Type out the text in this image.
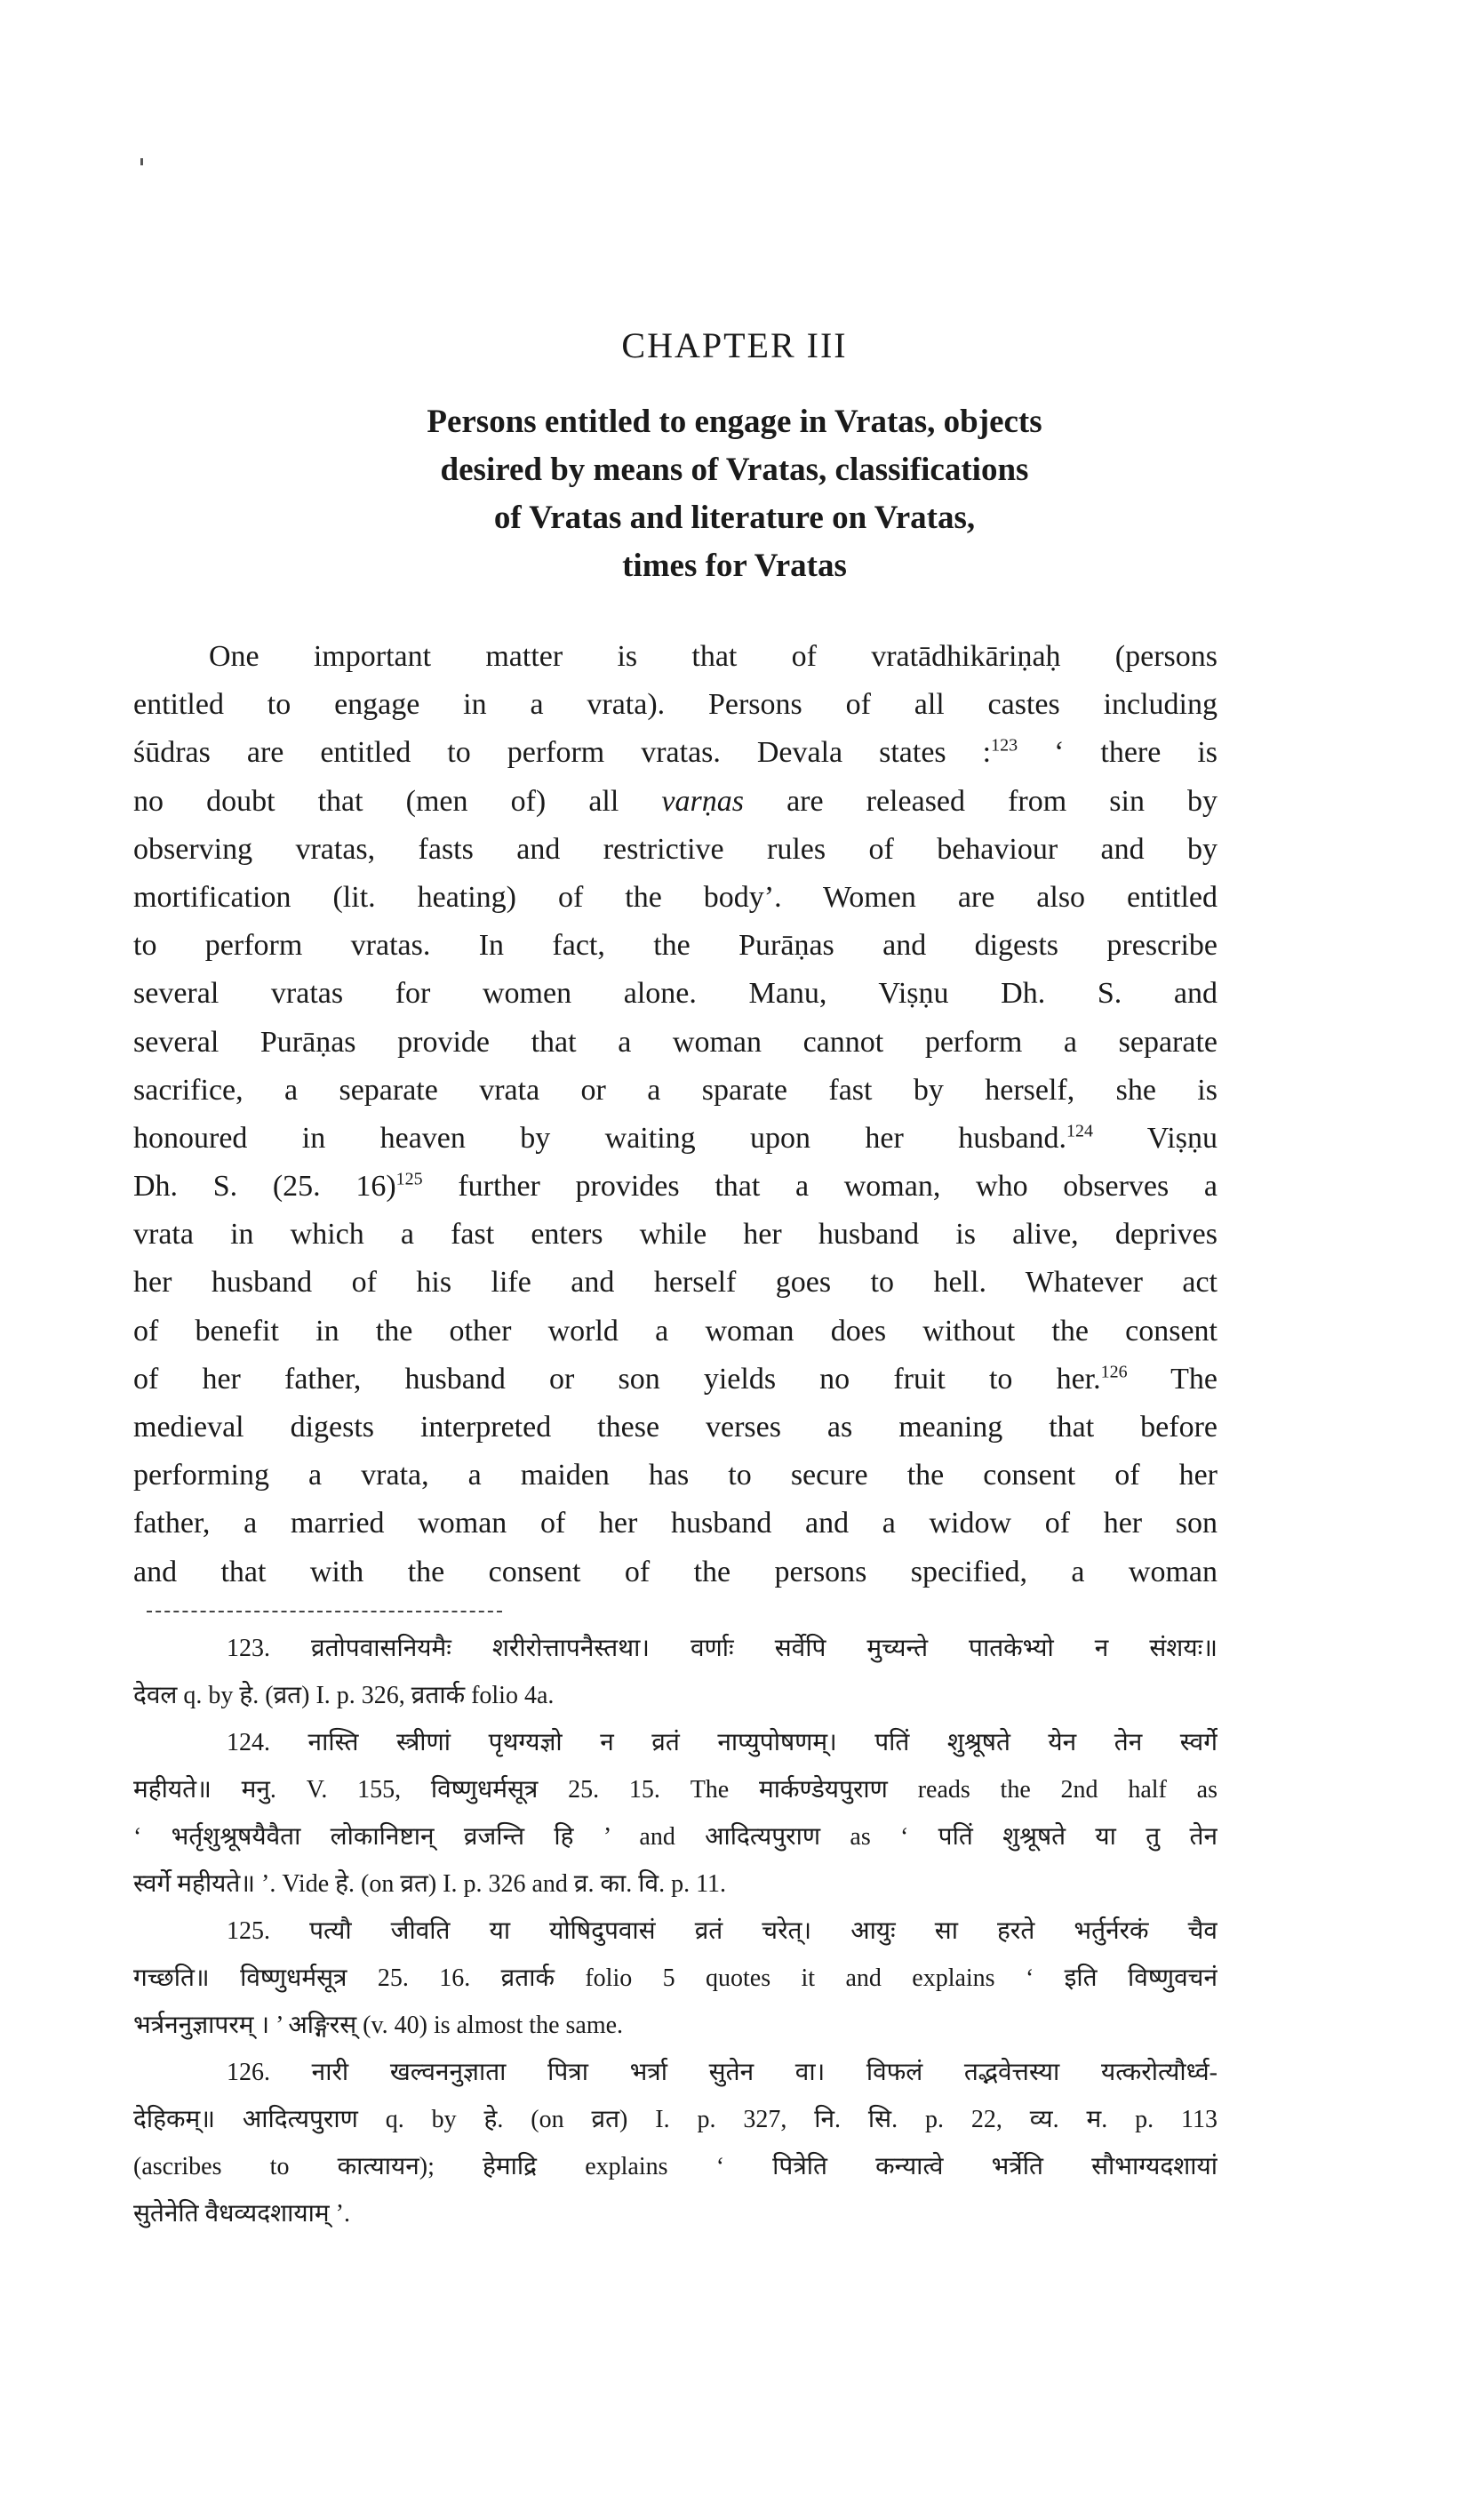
CHAPTER III
Persons entitled to engage in Vratas, objects
desired by means of Vratas, classifications
of Vratas and literature on Vratas,
times for Vratas
One important matter is that of vratādhikāriṇaḥ (persons
entitled to engage in a vrata). Persons of all castes including
śūdras are entitled to perform vratas. Devala states :$^{123}$ ‘ there is
no doubt that (men of) all varṇas are released from sin by
observing vratas, fasts and restrictive rules of behaviour and by
mortification (lit. heating) of the body’. Women are also entitled
to perform vratas. In fact, the Purāṇas and digests prescribe
several vratas for women alone. Manu, Viṣṇu Dh. S. and
several Purāṇas provide that a woman cannot perform a separate
sacrifice, a separate vrata or a sparate fast by herself, she is
honoured in heaven by waiting upon her husband.$^{124}$ Viṣṇu
Dh. S. (25. 16)$^{125}$ further provides that a woman, who observes a
vrata in which a fast enters while her husband is alive, deprives
her husband of his life and herself goes to hell. Whatever act
of benefit in the other world a woman does without the consent
of her father, husband or son yields no fruit to her.$^{126}$ The
medieval digests interpreted these verses as meaning that before
performing a vrata, a maiden has to secure the consent of her
father, a married woman of her husband and a widow of her son
and that with the consent of the persons specified, a woman
123. व्रतोपवासनियमैः शरीरोत्तापनैस्तथा। वर्णाः सर्वेपि मुच्यन्ते पातकेभ्यो न संशयः॥
देवल q. by हे. (व्रत) I. p. 326, व्रतार्क folio 4a.
124. नास्ति स्त्रीणां पृथग्यज्ञो न व्रतं नाप्युपोषणम्। पतिं शुश्रूषते येन तेन स्वर्गे
महीयते॥ मनु. V. 155, विष्णुधर्मसूत्र 25. 15. The मार्कण्डेयपुराण reads the 2nd half as
‘ भर्तृशुश्रूषयैवैता लोकानिष्टान् व्रजन्ति हि ’ and आदित्यपुराण as ‘ पतिं शुश्रूषते या तु तेन
स्वर्गे महीयते॥ ’. Vide हे. (on व्रत) I. p. 326 and व्र. का. वि. p. 11.
125. पत्यौ जीवति या योषिदुपवासं व्रतं चरेत्। आयुः सा हरते भर्तुर्नरकं चैव
गच्छति॥ विष्णुधर्मसूत्र 25. 16. व्रतार्क folio 5 quotes it and explains ‘ इति विष्णुवचनं
भर्त्रननुज्ञापरम् । ’ अङ्गिरस् (v. 40) is almost the same.
126. नारी खल्वननुज्ञाता पित्रा भर्त्रा सुतेन वा। विफलं तद्भवेत्तस्या यत्करोत्यौर्ध्व-
देहिकम्॥ आदित्यपुराण q. by हे. (on व्रत) I. p. 327, नि. सि. p. 22, व्य. म. p. 113
(ascribes to कात्यायन); हेमाद्रि explains ‘ पित्रेति कन्यात्वे भर्त्रेति सौभाग्यदशायां
सुतेनेति वैधव्यदशायाम् ’.
